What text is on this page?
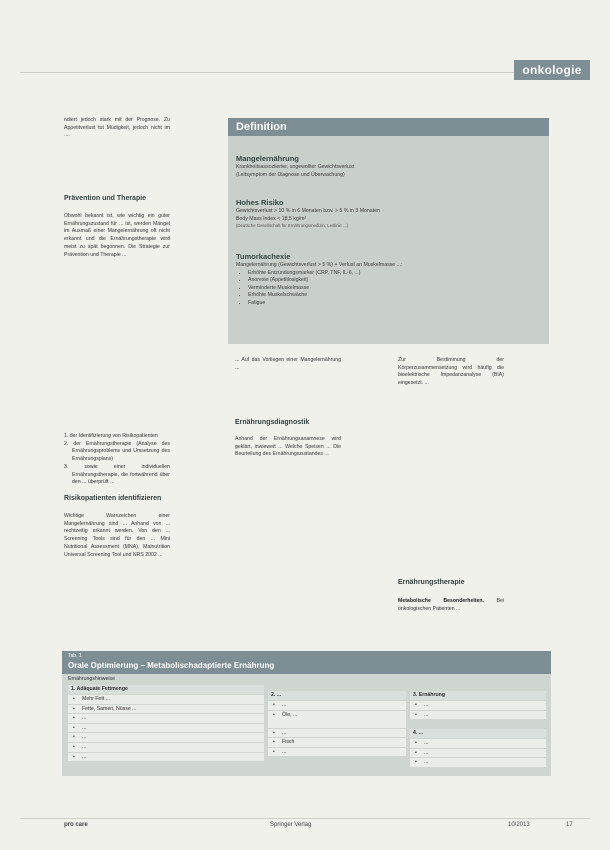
onkologie

ndiert jedoch stark mit der Prognose. Zu Appetitverlust tut Müdigkeit, jedoch nicht im ....

Prävention und Therapie

Obwohl bekannt ist, wie wichtig ein guter Ernährungszustand für ... ist, werden Mängel im Ausmaß einer Mangelernährung oft nicht erkannt und die Ernährungstherapie wird meist zu spät begonnen. Die Strategie zur Prävention und Therapie ...

1. der Identifizierung von Risikopatienten
2. der Ernährungstherapie (Analyse des Ernährungsproblems und Umsetzung des Ernährungsplans)
3. sowie einer individuellen Ernährungstherapie, die fortwährend über den ... überprüft ...
Risikopatienten identifizieren

Wichtige Warnzeichen einer Mangelernährung sind ... Anhand von ... rechtzeitig erkannt werden. Von den ... Screening Tools sind für den ... Mini Nutritional Assessment (MNA), Malnutrition Universal Screening Tool und NRS 2002 ...

... Auf das Vorliegen einer Mangelernährung ...

Ernährungsdiagnostik

Anhand der Ernährungsanamnese wird geklärt, inwieweit ... Welche Speisen ... Die Beurteilung des Ernährungszustandes ...

Zur Bestimmung der Körperzusammensetzung wird häufig die bioelektrische Impedanzanalyse (BIA) eingesetzt. ...

Ernährungstherapie

Metabolische Besonderheiten. Bei onkologischen Patienten ...

Definition
Mangelernährung
Krankheitsassoziierter, ungewollter Gewichtsverlust
(Leitsymptom der Diagnose und Überwachung)
Hohes Risiko
Gewichtsverlust > 10 % in 6 Monaten bzw. > 5 % in 3 Monaten
Body Mass Index < 18,5 kg/m²
(Deutsche Gesellschaft für Ernährungsmedizin, Leitlinie ...)
Tumorkachexie
Mangelernährung (Gewichtsverlust > 5 %) + Verlust an Muskelmasse ...:
• Erhöhte Entzündungsmarker (CRP, TNF, IL-6, ...)
• Anorexie (Appetitlosigkeit)
• Verminderte Muskelmasse
• Erhöhte Muskelschwäche
• Fatigue
Tab. 1
Orale Optimierung – Metabolischadaptierte Ernährung
Ernährungshinweise
1. Adäquate Fettmenge
• Mehr Fett ...
• Fette, Samen, Nüsse ...
• ...
• ...
• ...
• ...
• ...
2. ...
• ...
• Öle, ...
• ...
• Fisch
• ...
3. Ernährung
• ...
• ...
4. ...
• ...
• ...
• ...
pro care	Springer Verlag	10/2013	17
